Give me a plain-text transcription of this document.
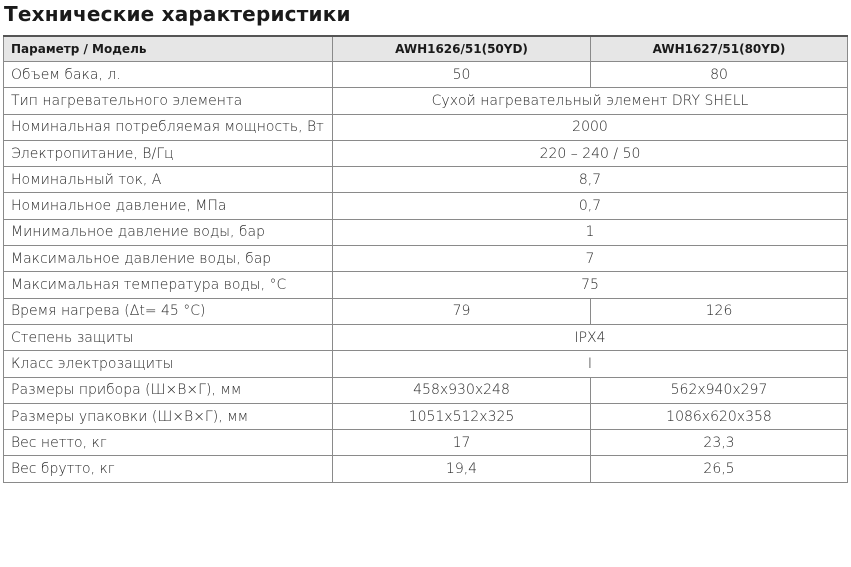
Технические характеристики
Параметр / Модель	AWH1626/51(50YD)	AWH1627/51(80YD)
Объем бака, л.	50	80
Тип нагревательного элемента	Сухой нагревательный элемент DRY SHELL	
Номинальная потребляемая мощность, Вт	2000	
Электропитание, В/Гц	220 – 240 / 50	
Номинальный ток, А	8,7	
Номинальное давление, МПа	0,7	
Минимальное давление воды, бар	1	
Максимальное давление воды, бар	7	
Максимальная температура воды, °С	75	
Время нагрева (Δt= 45 °С)	79	126
Степень защиты	IPX4	
Класс электрозащиты	I	
Размеры прибора (Ш×В×Г), мм	458x930x248	562x940x297
Размеры упаковки (Ш×В×Г), мм	1051x512x325	1086x620x358
Вес нетто, кг	17	23,3
Вес брутто, кг	19,4	26,5
